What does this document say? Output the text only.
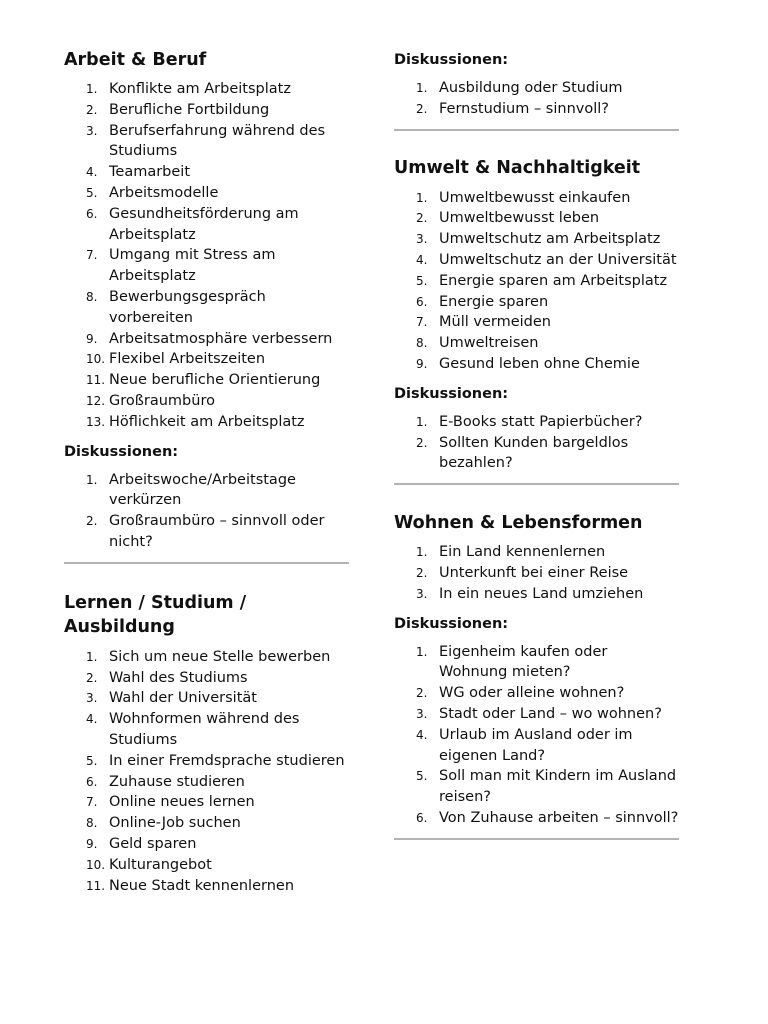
Arbeit & Beruf
1. Konflikte am Arbeitsplatz
2. Berufliche Fortbildung
3. Berufserfahrung während des Studiums
4. Teamarbeit
5. Arbeitsmodelle
6. Gesundheitsförderung am Arbeitsplatz
7. Umgang mit Stress am Arbeitsplatz
8. Bewerbungsgespräch vorbereiten
9. Arbeitsatmosphäre verbessern
10. Flexibel Arbeitszeiten
11. Neue berufliche Orientierung
12. Großraumbüro
13. Höflichkeit am Arbeitsplatz
Diskussionen:
1. Arbeitswoche/Arbeitstage verkürzen
2. Großraumbüro – sinnvoll oder nicht?
Lernen / Studium / Ausbildung
1. Sich um neue Stelle bewerben
2. Wahl des Studiums
3. Wahl der Universität
4. Wohnformen während des Studiums
5. In einer Fremdsprache studieren
6. Zuhause studieren
7. Online neues lernen
8. Online-Job suchen
9. Geld sparen
10. Kulturangebot
11. Neue Stadt kennenlernen
Diskussionen:
1. Ausbildung oder Studium
2. Fernstudium – sinnvoll?
Umwelt & Nachhaltigkeit
1. Umweltbewusst einkaufen
2. Umweltbewusst leben
3. Umweltschutz am Arbeitsplatz
4. Umweltschutz an der Universität
5. Energie sparen am Arbeitsplatz
6. Energie sparen
7. Müll vermeiden
8. Umweltreisen
9. Gesund leben ohne Chemie
Diskussionen:
1. E-Books statt Papierbücher?
2. Sollten Kunden bargeldlos bezahlen?
Wohnen & Lebensformen
1. Ein Land kennenlernen
2. Unterkunft bei einer Reise
3. In ein neues Land umziehen
Diskussionen:
1. Eigenheim kaufen oder Wohnung mieten?
2. WG oder alleine wohnen?
3. Stadt oder Land – wo wohnen?
4. Urlaub im Ausland oder im eigenen Land?
5. Soll man mit Kindern im Ausland reisen?
6. Von Zuhause arbeiten – sinnvoll?
